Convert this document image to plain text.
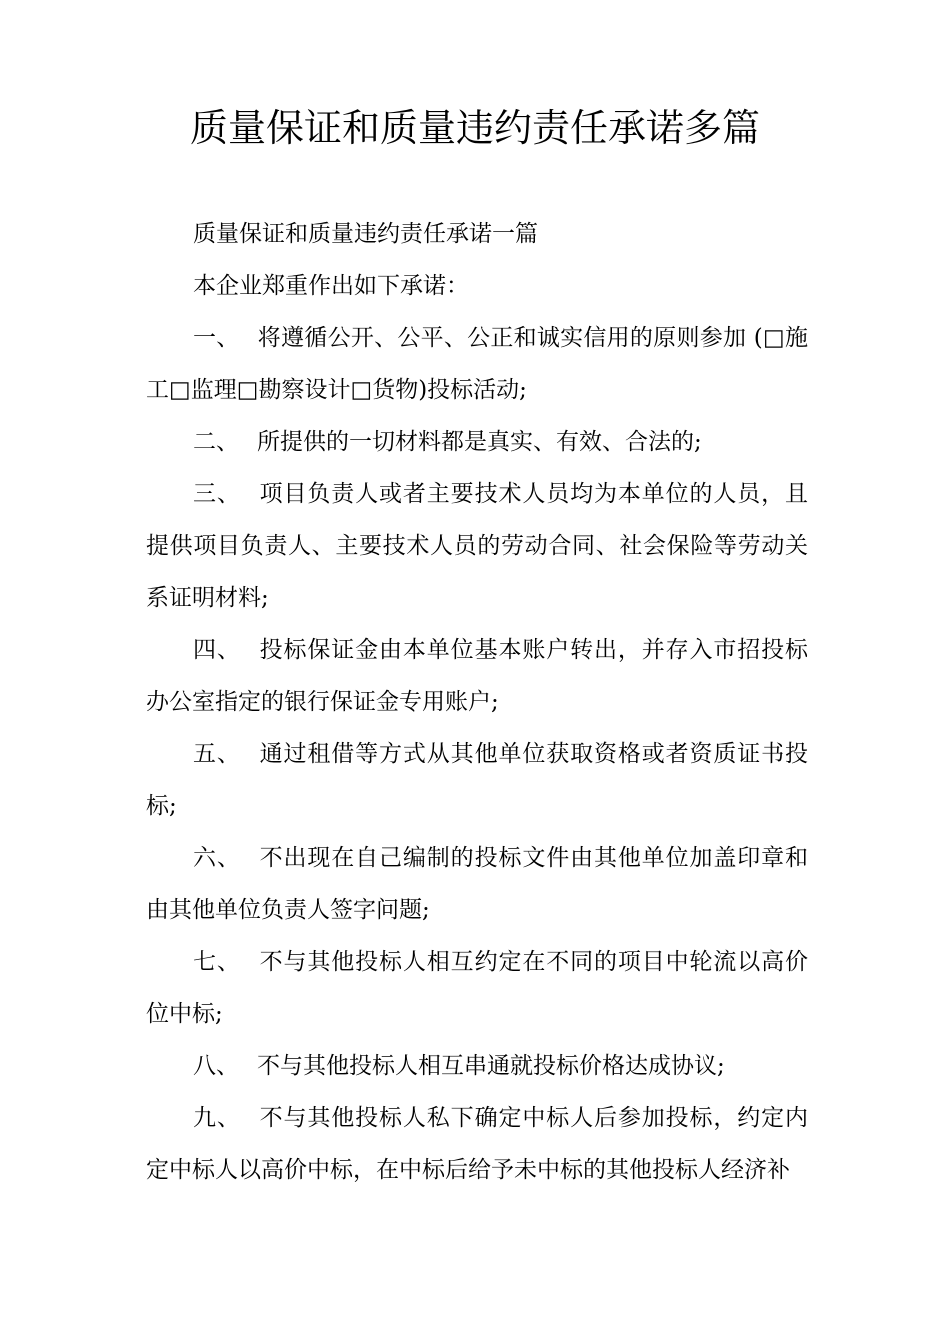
质量保证和质量违约责任承诺多篇

质量保证和质量违约责任承诺一篇

本企业郑重作出如下承诺：

一、 将遵循公开、公平、公正和诚实信用的原则参加 (□施工□监理□勘察设计□货物)投标活动;

二、 所提供的一切材料都是真实、有效、合法的;

三、 项目负责人或者主要技术人员均为本单位的人员，且提供项目负责人、主要技术人员的劳动合同、社会保险等劳动关系证明材料;

四、 投标保证金由本单位基本账户转出，并存入市招投标办公室指定的银行保证金专用账户;

五、 通过租借等方式从其他单位获取资格或者资质证书投标;

六、 不出现在自己编制的投标文件由其他单位加盖印章和由其他单位负责人签字问题;

七、 不与其他投标人相互约定在不同的项目中轮流以高价位中标;

八、 不与其他投标人相互串通就投标价格达成协议;

九、 不与其他投标人私下确定中标人后参加投标，约定内定中标人以高价中标，在中标后给予未中标的其他投标人经济补
